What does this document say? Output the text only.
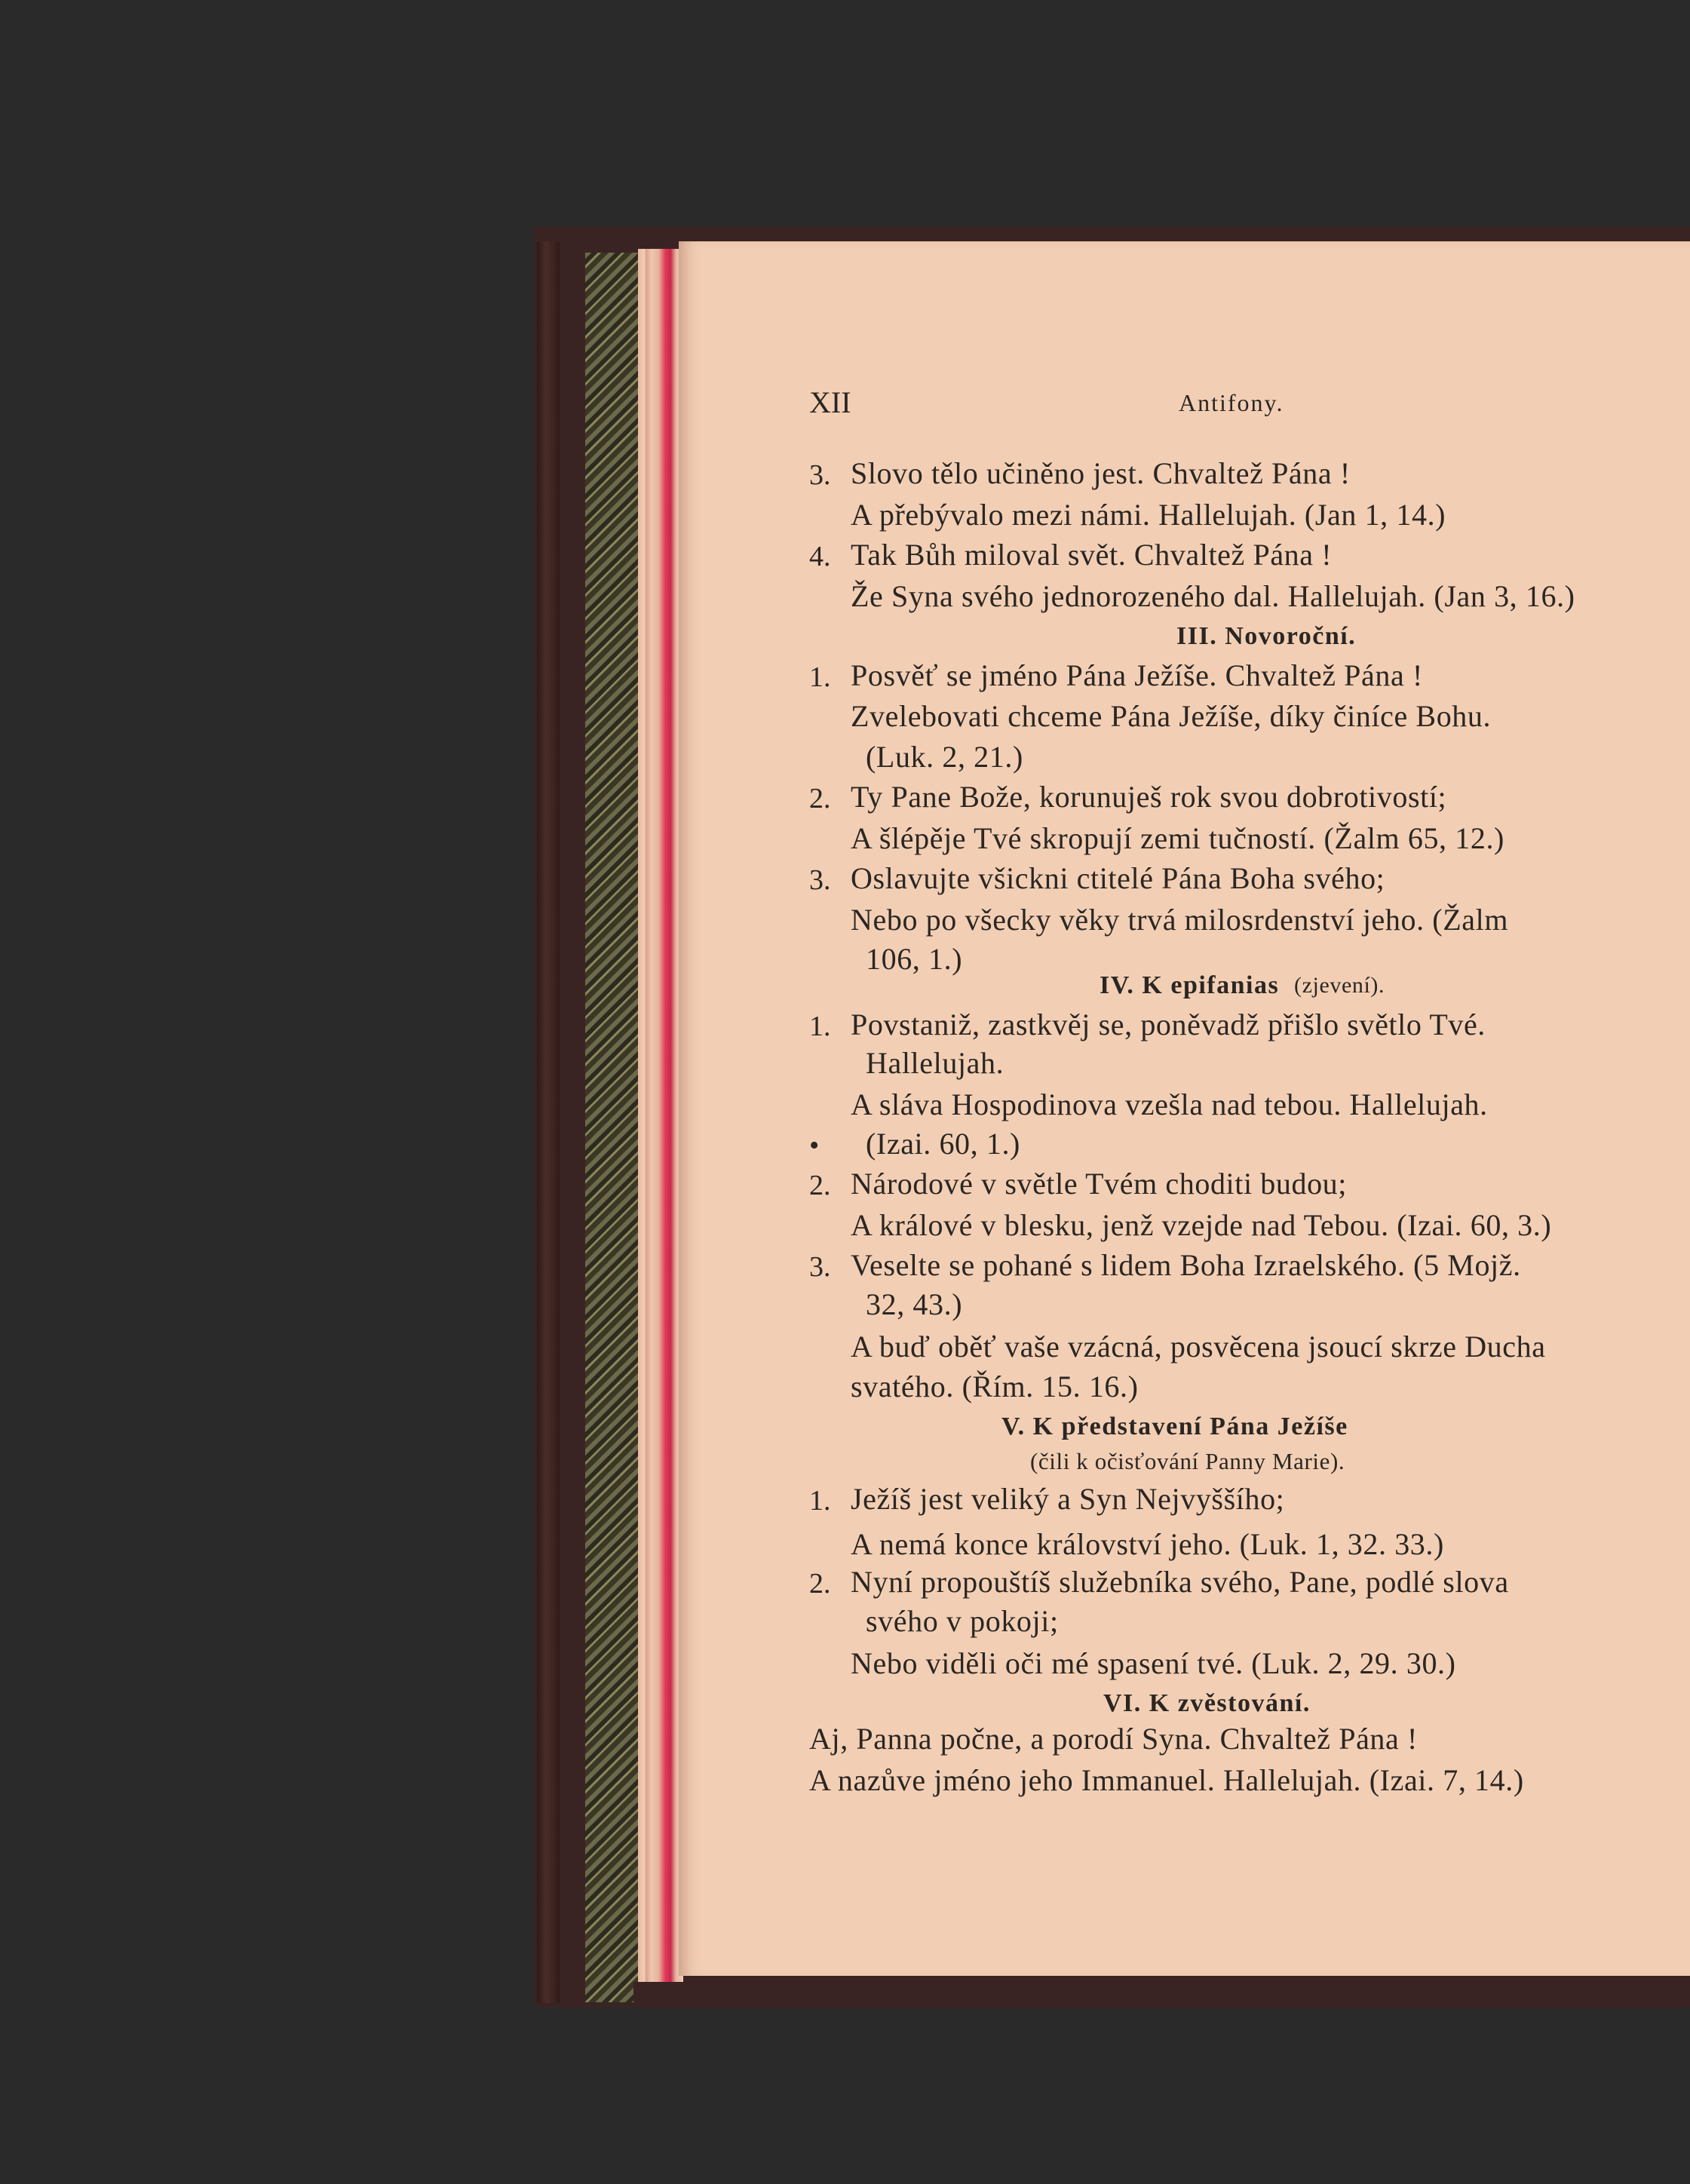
XII	Antifony.
3. Slovo tělo učiněno jest. Chvaltež Pána !
A přebývalo mezi námi. Hallelujah. (Jan 1, 14.)
4. Tak Bůh miloval svět. Chvaltež Pána !
Že Syna svého jednorozeného dal. Hallelujah. (Jan 3, 16.)
III. Novoroční.
1. Posvěť se jméno Pána Ježíše. Chvaltež Pána !
Zvelebovati chceme Pána Ježíše, díky činíce Bohu.
(Luk. 2, 21.)
2. Ty Pane Bože, korunuješ rok svou dobrotivostí;
A šlépěje Tvé skropují zemi tučností. (Žalm 65, 12.)
3. Oslavujte všickni ctitelé Pána Boha svého;
Nebo po všecky věky trvá milosrdenství jeho. (Žalm
106, 1.)
IV. K epifanias (zjevení).
1. Povstaniž, zastkvěj se, poněvadž přišlo světlo Tvé.
Hallelujah.
A sláva Hospodinova vzešla nad tebou. Hallelujah.
• (Izai. 60, 1.)
2. Národové v světle Tvém choditi budou;
A králové v blesku, jenž vzejde nad Tebou. (Izai. 60, 3.)
3. Veselte se pohané s lidem Boha Izraelského. (5 Mojž.
32, 43.)
A buď oběť vaše vzácná, posvěcena jsoucí skrze Ducha
svatého. (Řím. 15. 16.)
V. K představení Pána Ježíše
(čili k očisťování Panny Marie).
1. Ježíš jest veliký a Syn Nejvyššího;
A nemá konce království jeho. (Luk. 1, 32. 33.)
2. Nyní propouštíš služebníka svého, Pane, podlé slova
svého v pokoji;
Nebo viděli oči mé spasení tvé. (Luk. 2, 29. 30.)
VI. K zvěstování.
Aj, Panna počne, a porodí Syna. Chvaltež Pána !
A nazůve jméno jeho Immanuel. Hallelujah. (Izai. 7, 14.)
